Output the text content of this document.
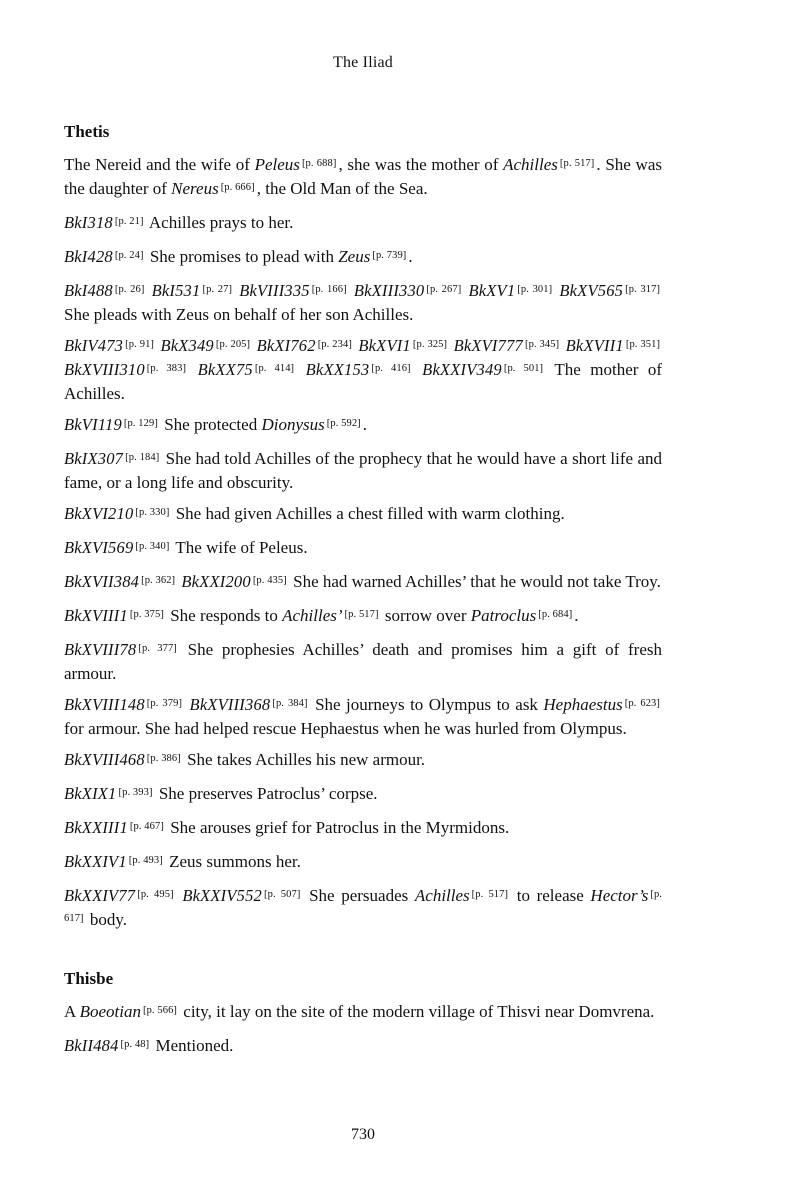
The Iliad
Thetis
The Nereid and the wife of Peleus [p. 688] , she was the mother of Achilles [p. 517] . She was the daughter of Nereus [p. 666] , the Old Man of the Sea.
BkI318 [p. 21] Achilles prays to her.
BkI428 [p. 24] She promises to plead with Zeus [p. 739] .
BkI488 [p. 26] BkI531 [p. 27] BkVIII335 [p. 166] BkXIII330 [p. 267] BkXV1 [p. 301] BkXV565 [p. 317] She pleads with Zeus on behalf of her son Achilles.
BkIV473 [p. 91] BkX349 [p. 205] BkXI762 [p. 234] BkXVI1 [p. 325] BkXVI777 [p. 345] BkXVII1 [p. 351] BkXVIII310 [p. 383] BkXX75 [p. 414] BkXX153 [p. 416] BkXXIV349 [p. 501] The mother of Achilles.
BkVI119 [p. 129] She protected Dionysus [p. 592] .
BkIX307 [p. 184] She had told Achilles of the prophecy that he would have a short life and fame, or a long life and obscurity.
BkXVI210 [p. 330] She had given Achilles a chest filled with warm clothing.
BkXVI569 [p. 340] The wife of Peleus.
BkXVII384 [p. 362] BkXXI200 [p. 435] She had warned Achilles’ that he would not take Troy.
BkXVIII1 [p. 375] She responds to Achilles’ [p. 517] sorrow over Patroclus [p. 684] .
BkXVIII78 [p. 377] She prophesies Achilles’ death and promises him a gift of fresh armour.
BkXVIII148 [p. 379] BkXVIII368 [p. 384] She journeys to Olympus to ask Hephaestus [p. 623] for armour. She had helped rescue Hephaestus when he was hurled from Olympus.
BkXVIII468 [p. 386] She takes Achilles his new armour.
BkXIX1 [p. 393] She preserves Patroclus’ corpse.
BkXXIII1 [p. 467] She arouses grief for Patroclus in the Myrmidons.
BkXXIV1 [p. 493] Zeus summons her.
BkXXIV77 [p. 495] BkXXIV552 [p. 507] She persuades Achilles [p. 517] to release Hector’s [p. 617] body.
Thisbe
A Boeotian [p. 566] city, it lay on the site of the modern village of Thisvi near Domvrena.
BkII484 [p. 48] Mentioned.
730
